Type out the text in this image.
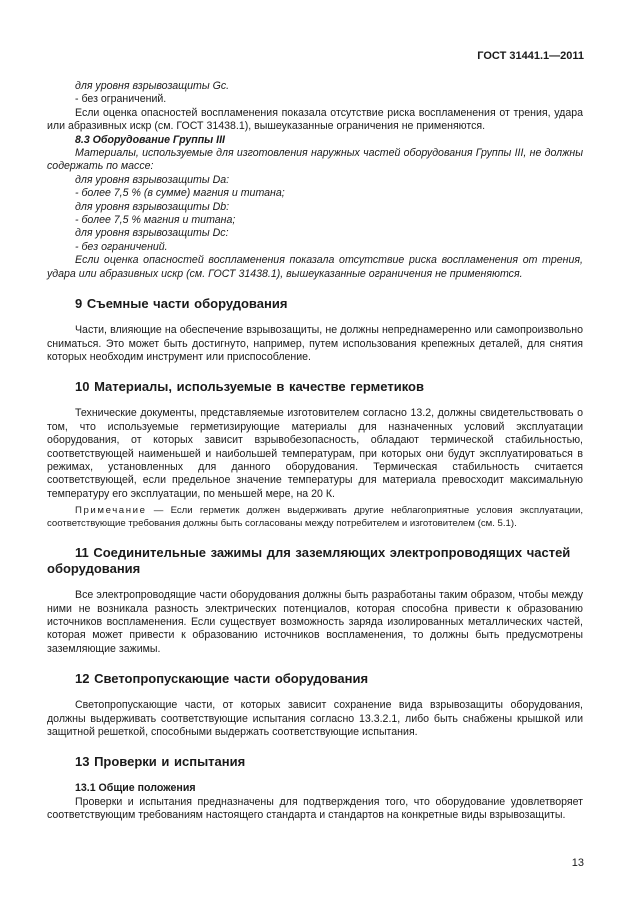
ГОСТ 31441.1—2011

для уровня взрывозащиты Gc.

- без ограничений.

Если оценка опасностей воспламенения показала отсутствие риска воспламенения от трения, удара или абразивных искр (см. ГОСТ 31438.1), вышеуказанные ограничения не применяются.

8.3 Оборудование Группы III

Материалы, используемые для изготовления наружных частей оборудования Группы III, не должны содержать по массе:

для уровня взрывозащиты Da:

- более 7,5 % (в сумме) магния и титана;

для уровня взрывозащиты Db:

- более 7,5 % магния и титана;

для уровня взрывозащиты Dc:

- без ограничений.

Если оценка опасностей воспламенения показала отсутствие риска воспламенения от трения, удара или абразивных искр (см. ГОСТ 31438.1), вышеуказанные ограничения не применяются.

9 Съемные части оборудования

Части, влияющие на обеспечение взрывозащиты, не должны непреднамеренно или самопроизвольно сниматься. Это может быть достигнуто, например, путем использования крепежных деталей, для снятия которых необходим инструмент или приспособление.

10 Материалы, используемые в качестве герметиков

Технические документы, представляемые изготовителем согласно 13.2, должны свидетельствовать о том, что используемые герметизирующие материалы для назначенных условий эксплуатации оборудования, от которых зависит взрывобезопасность, обладают термической стабильностью, соответствующей наименьшей и наибольшей температурам, при которых они будут эксплуатироваться в режимах, установленных для данного оборудования. Термическая стабильность считается соответствующей, если предельное значение температуры для материала превосходит максимальную температуру его эксплуатации, по меньшей мере, на 20 К.

Примечание — Если герметик должен выдерживать другие неблагоприятные условия эксплуатации, соответствующие требования должны быть согласованы между потребителем и изготовителем (см. 5.1).

11 Соединительные зажимы для заземляющих электропроводящих частей оборудования

Все электропроводящие части оборудования должны быть разработаны таким образом, чтобы между ними не возникала разность электрических потенциалов, которая способна привести к образованию источников воспламенения. Если существует возможность заряда изолированных металлических частей, которая может привести к образованию источников воспламенения, то должны быть предусмотрены заземляющие зажимы.

12 Светопропускающие части оборудования

Светопропускающие части, от которых зависит сохранение вида взрывозащиты оборудования, должны выдерживать соответствующие испытания согласно 13.3.2.1, либо быть снабжены крышкой или защитной решеткой, способными выдержать соответствующие испытания.

13 Проверки и испытания

13.1 Общие положения

Проверки и испытания предназначены для подтверждения того, что оборудование удовлетворяет соответствующим требованиям настоящего стандарта и стандартов на конкретные виды взрывозащиты.

13
